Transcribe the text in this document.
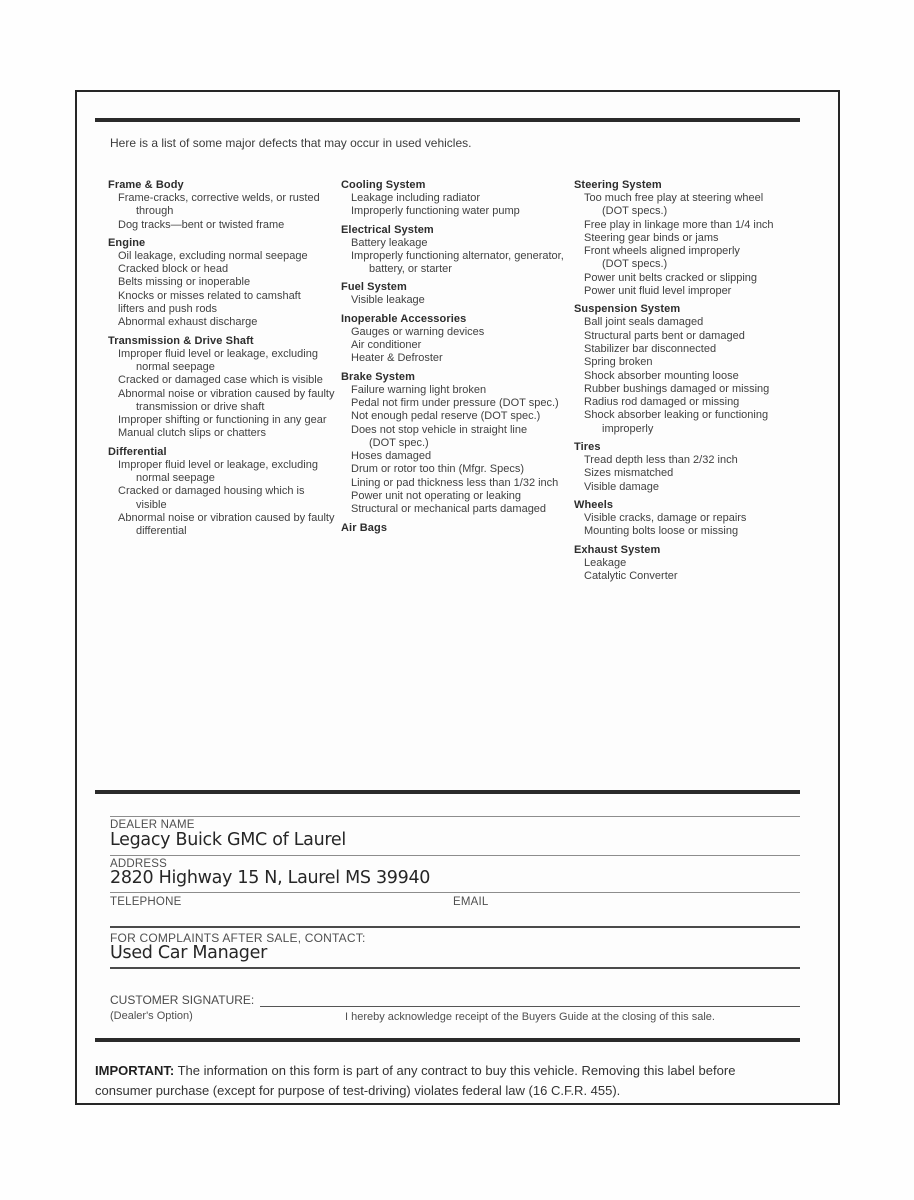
Here is a list of some major defects that may occur in used vehicles.

Frame & Body
Frame-cracks, corrective welds, or rusted
through
Dog tracks—bent or twisted frame
Engine
Oil leakage, excluding normal seepage
Cracked block or head
Belts missing or inoperable
Knocks or misses related to camshaft
lifters and push rods
Abnormal exhaust discharge
Transmission & Drive Shaft
Improper fluid level or leakage, excluding
normal seepage
Cracked or damaged case which is visible
Abnormal noise or vibration caused by faulty
transmission or drive shaft
Improper shifting or functioning in any gear
Manual clutch slips or chatters
Differential
Improper fluid level or leakage, excluding
normal seepage
Cracked or damaged housing which is
visible
Abnormal noise or vibration caused by faulty
differential
Cooling System
Leakage including radiator
Improperly functioning water pump
Electrical System
Battery leakage
Improperly functioning alternator, generator,
battery, or starter
Fuel System
Visible leakage
Inoperable Accessories
Gauges or warning devices
Air conditioner
Heater & Defroster
Brake System
Failure warning light broken
Pedal not firm under pressure (DOT spec.)
Not enough pedal reserve (DOT spec.)
Does not stop vehicle in straight line
(DOT spec.)
Hoses damaged
Drum or rotor too thin (Mfgr. Specs)
Lining or pad thickness less than 1/32 inch
Power unit not operating or leaking
Structural or mechanical parts damaged
Air Bags
Steering System
Too much free play at steering wheel
(DOT specs.)
Free play in linkage more than 1/4 inch
Steering gear binds or jams
Front wheels aligned improperly
(DOT specs.)
Power unit belts cracked or slipping
Power unit fluid level improper
Suspension System
Ball joint seals damaged
Structural parts bent or damaged
Stabilizer bar disconnected
Spring broken
Shock absorber mounting loose
Rubber bushings damaged or missing
Radius rod damaged or missing
Shock absorber leaking or functioning
improperly
Tires
Tread depth less than 2/32 inch
Sizes mismatched
Visible damage
Wheels
Visible cracks, damage or repairs
Mounting bolts loose or missing
Exhaust System
Leakage
Catalytic Converter
DEALER NAME
Legacy Buick GMC of Laurel
ADDRESS
2820 Highway 15 N, Laurel MS 39940
TELEPHONE	EMAIL
FOR COMPLAINTS AFTER SALE, CONTACT:
Used Car Manager
CUSTOMER SIGNATURE:
(Dealer's Option)	I hereby acknowledge receipt of the Buyers Guide at the closing of this sale.

IMPORTANT: The information on this form is part of any contract to buy this vehicle. Removing this label before consumer purchase (except for purpose of test-driving) violates federal law (16 C.F.R. 455).
